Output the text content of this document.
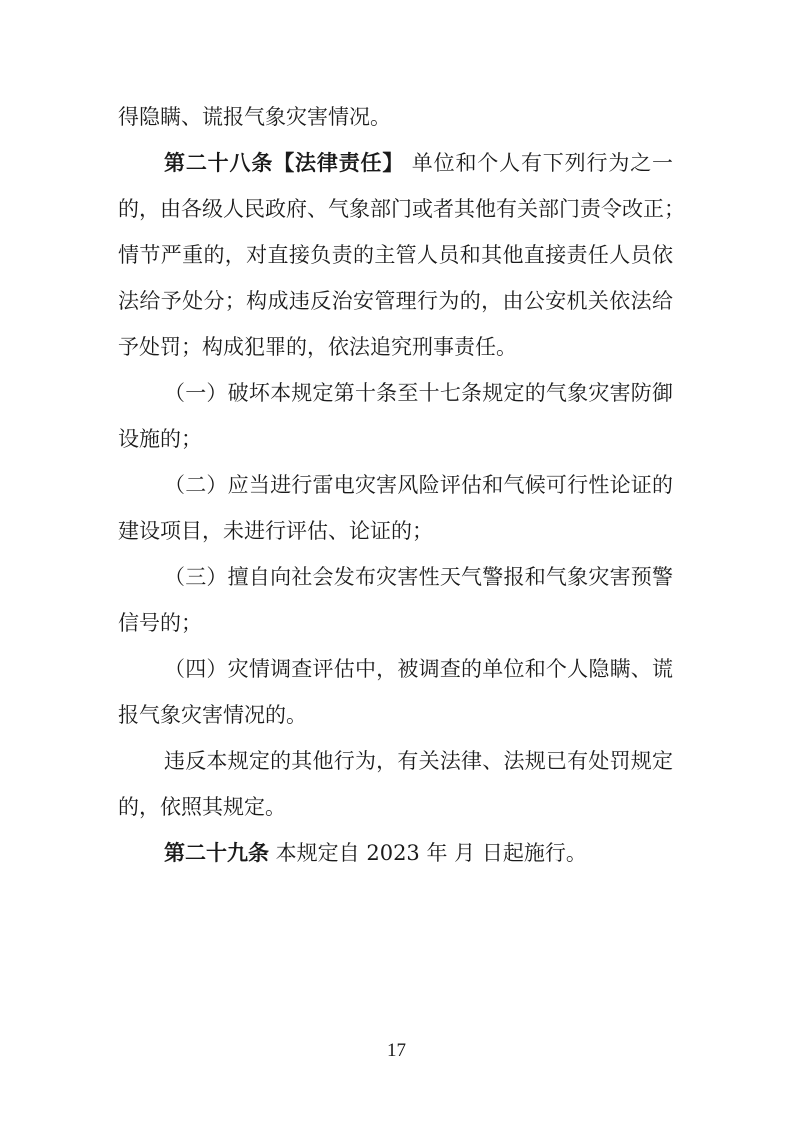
得隐瞒、谎报气象灾害情况。
第二十八条【法律责任】 单位和个人有下列行为之一
的，由各级人民政府、气象部门或者其他有关部门责令改正；
情节严重的，对直接负责的主管人员和其他直接责任人员依
法给予处分；构成违反治安管理行为的，由公安机关依法给
予处罚；构成犯罪的，依法追究刑事责任。
（一）破坏本规定第十条至十七条规定的气象灾害防御
设施的；
（二）应当进行雷电灾害风险评估和气候可行性论证的
建设项目，未进行评估、论证的；
（三）擅自向社会发布灾害性天气警报和气象灾害预警
信号的；
（四）灾情调查评估中，被调查的单位和个人隐瞒、谎
报气象灾害情况的。
违反本规定的其他行为，有关法律、法规已有处罚规定
的，依照其规定。
第二十九条 本规定自 2023 年 月 日起施行。
17
